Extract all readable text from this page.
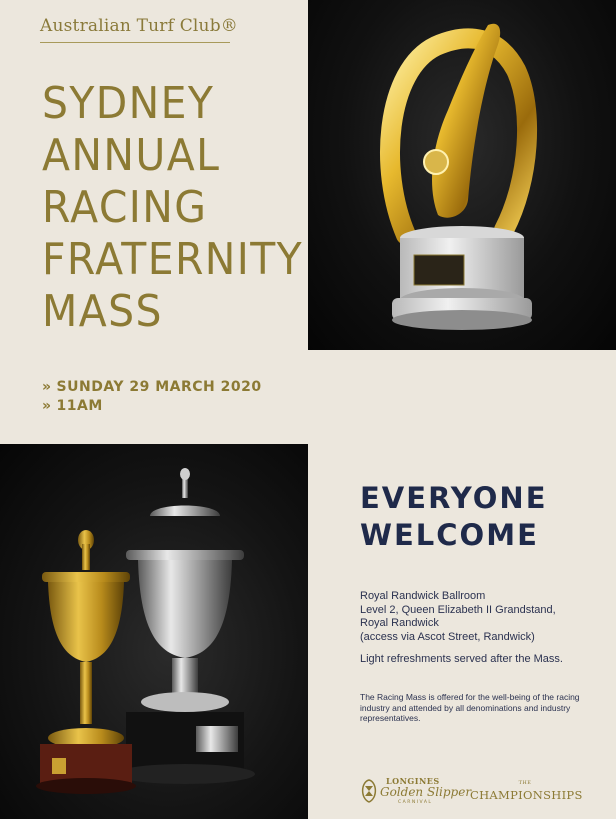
Australian Turf Club®
SYDNEY
ANNUAL
RACING
FRATERNITY
MASS
» SUNDAY 29 MARCH 2020
» 11AM
EVERYONE
WELCOME
Royal Randwick Ballroom
Level 2, Queen Elizabeth II Grandstand,
Royal Randwick
(access via Ascot Street, Randwick)
Light refreshments served after the Mass.
The Racing Mass is offered for the well-being of the racing industry and attended by all denominations and industry representatives.
LONGINES
Golden Slipper
CARNIVAL
THE
CHAMPIONSHIPS
